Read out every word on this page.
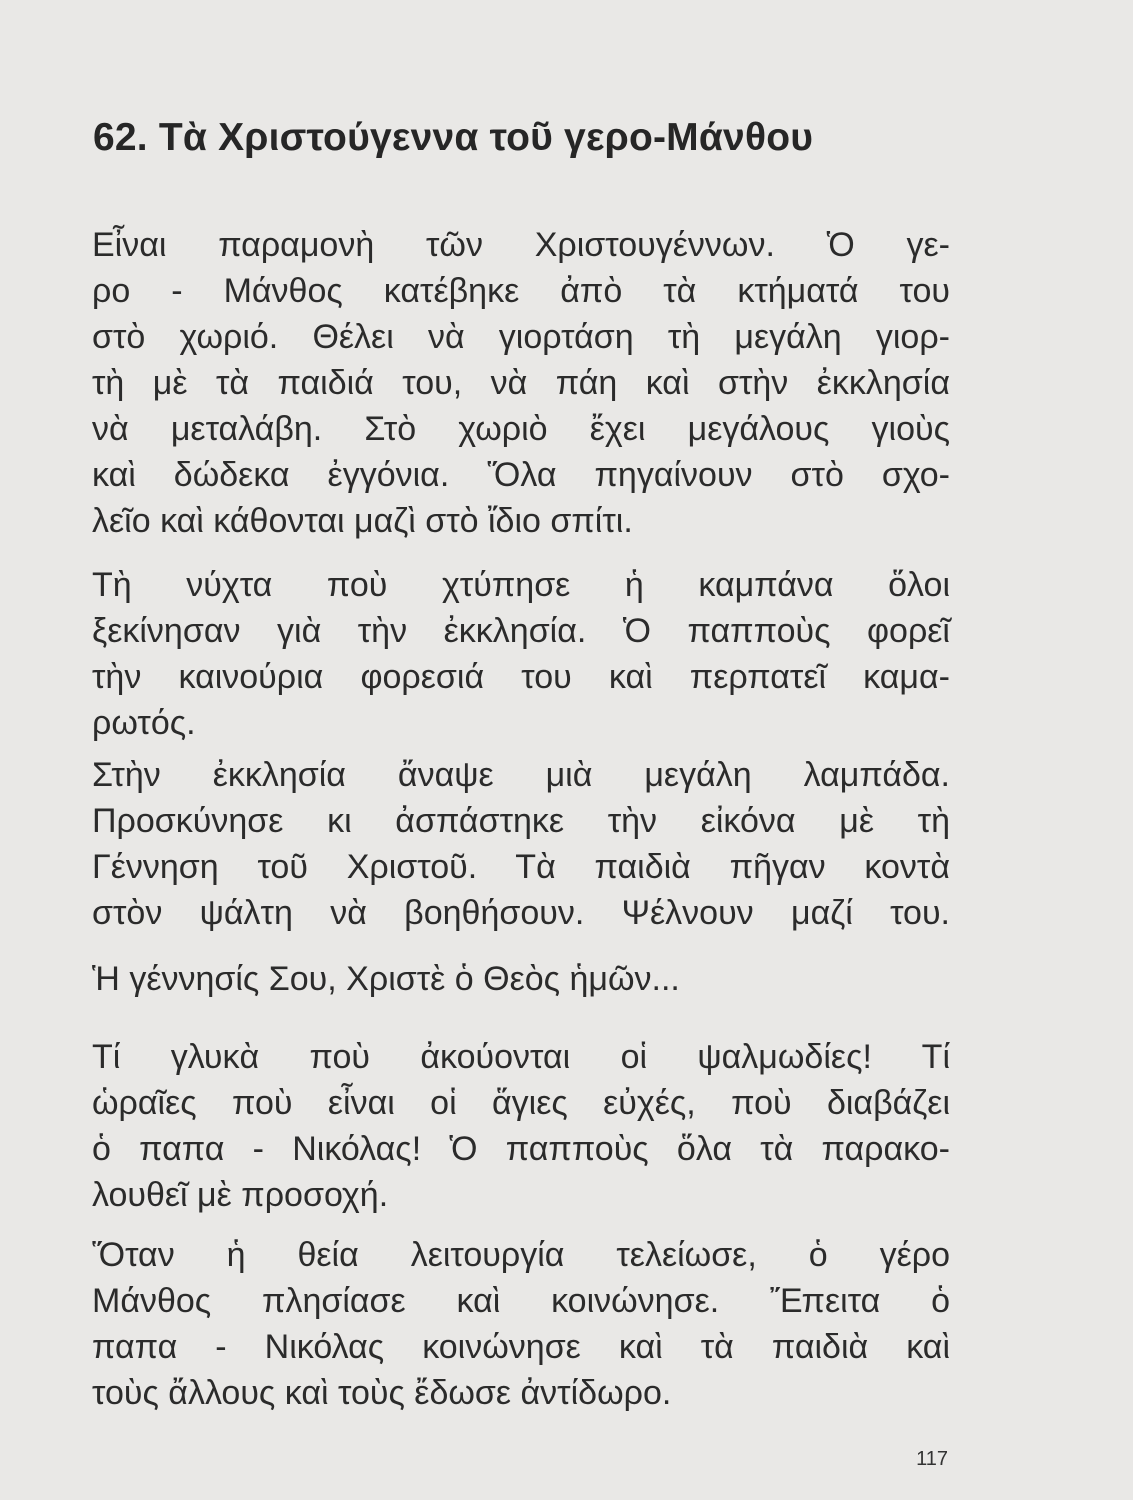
62. Τὰ Χριστούγεννα τοῦ γερο-Μάνθου
Εἶναι παραμονὴ τῶν Χριστουγέννων. Ὁ γε-
ρο - Μάνθος κατέβηκε ἀπὸ τὰ κτήματά του
στὸ χωριό. Θέλει νὰ γιορτάση τὴ μεγάλη γιορ-
τὴ μὲ τὰ παιδιά του, νὰ πάη καὶ στὴν ἐκκλησία
νὰ μεταλάβη. Στὸ χωριὸ ἔχει μεγάλους γιοὺς
καὶ δώδεκα ἐγγόνια. Ὅλα πηγαίνουν στὸ σχο-
λεῖο καὶ κάθονται μαζὶ στὸ ἴδιο σπίτι.
Τὴ νύχτα ποὺ χτύπησε ἡ καμπάνα ὅλοι
ξεκίνησαν γιὰ τὴν ἐκκλησία. Ὁ παπποὺς φορεῖ
τὴν καινούρια φορεσιά του καὶ περπατεῖ καμα-
ρωτός.
Στὴν ἐκκλησία ἄναψε μιὰ μεγάλη λαμπάδα.
Προσκύνησε κι ἀσπάστηκε τὴν εἰκόνα μὲ τὴ
Γέννηση τοῦ Χριστοῦ. Τὰ παιδιὰ πῆγαν κοντὰ
στὸν ψάλτη νὰ βοηθήσουν. Ψέλνουν μαζί του.
Ἡ γέννησίς Σου, Χριστὲ ὁ Θεὸς ἡμῶν...
Τί γλυκὰ ποὺ ἀκούονται οἱ ψαλμωδίες! Τί
ὡραῖες ποὺ εἶναι οἱ ἅγιες εὐχές, ποὺ διαβάζει
ὁ παπα - Νικόλας! Ὁ παπποὺς ὅλα τὰ παρακο-
λουθεῖ μὲ προσοχή.
Ὅταν ἡ θεία λειτουργία τελείωσε, ὁ γέρο
Μάνθος πλησίασε καὶ κοινώνησε. Ἔπειτα ὁ
παπα - Νικόλας κοινώνησε καὶ τὰ παιδιὰ καὶ
τοὺς ἄλλους καὶ τοὺς ἔδωσε ἀντίδωρο.
117
